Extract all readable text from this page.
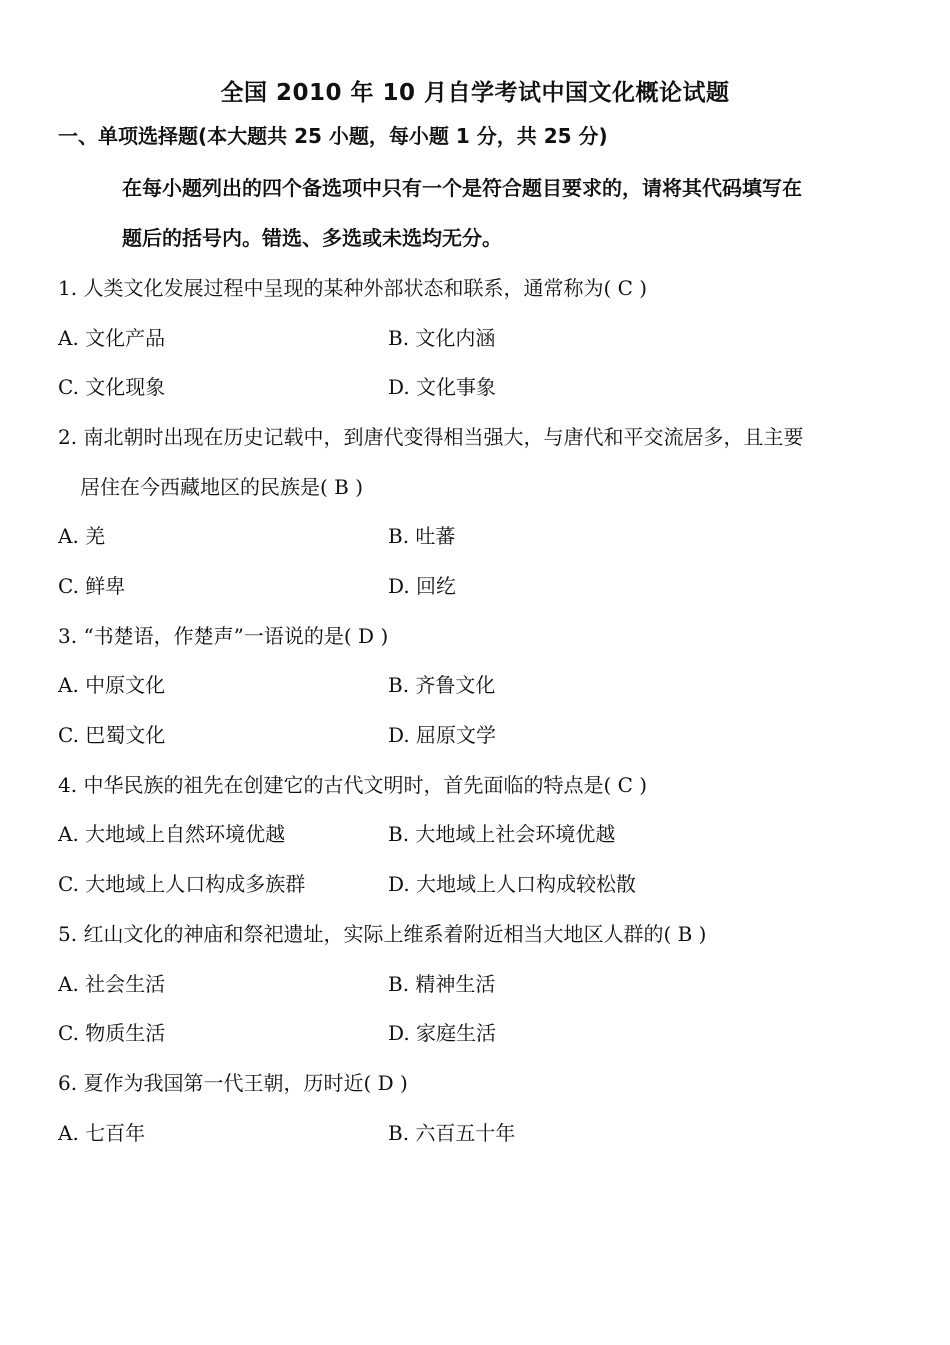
全国 2010 年 10 月自学考试中国文化概论试题
一、单项选择题(本大题共 25 小题，每小题 1 分，共 25 分)
在每小题列出的四个备选项中只有一个是符合题目要求的，请将其代码填写在
题后的括号内。错选、多选或未选均无分。
1. 人类文化发展过程中呈现的某种外部状态和联系，通常称为( C )
A. 文化产品	B. 文化内涵
C. 文化现象	D. 文化事象
2. 南北朝时出现在历史记载中，到唐代变得相当强大，与唐代和平交流居多，且主要
居住在今西藏地区的民族是( B )
A. 羌	B. 吐蕃
C. 鲜卑	D. 回纥
3. “书楚语，作楚声”一语说的是( D )
A. 中原文化	B. 齐鲁文化
C. 巴蜀文化	D. 屈原文学
4. 中华民族的祖先在创建它的古代文明时，首先面临的特点是( C )
A. 大地域上自然环境优越	B. 大地域上社会环境优越
C. 大地域上人口构成多族群	D. 大地域上人口构成较松散
5. 红山文化的神庙和祭祀遗址，实际上维系着附近相当大地区人群的( B )
A. 社会生活	B. 精神生活
C. 物质生活	D. 家庭生活
6. 夏作为我国第一代王朝，历时近( D )
A. 七百年	B. 六百五十年
